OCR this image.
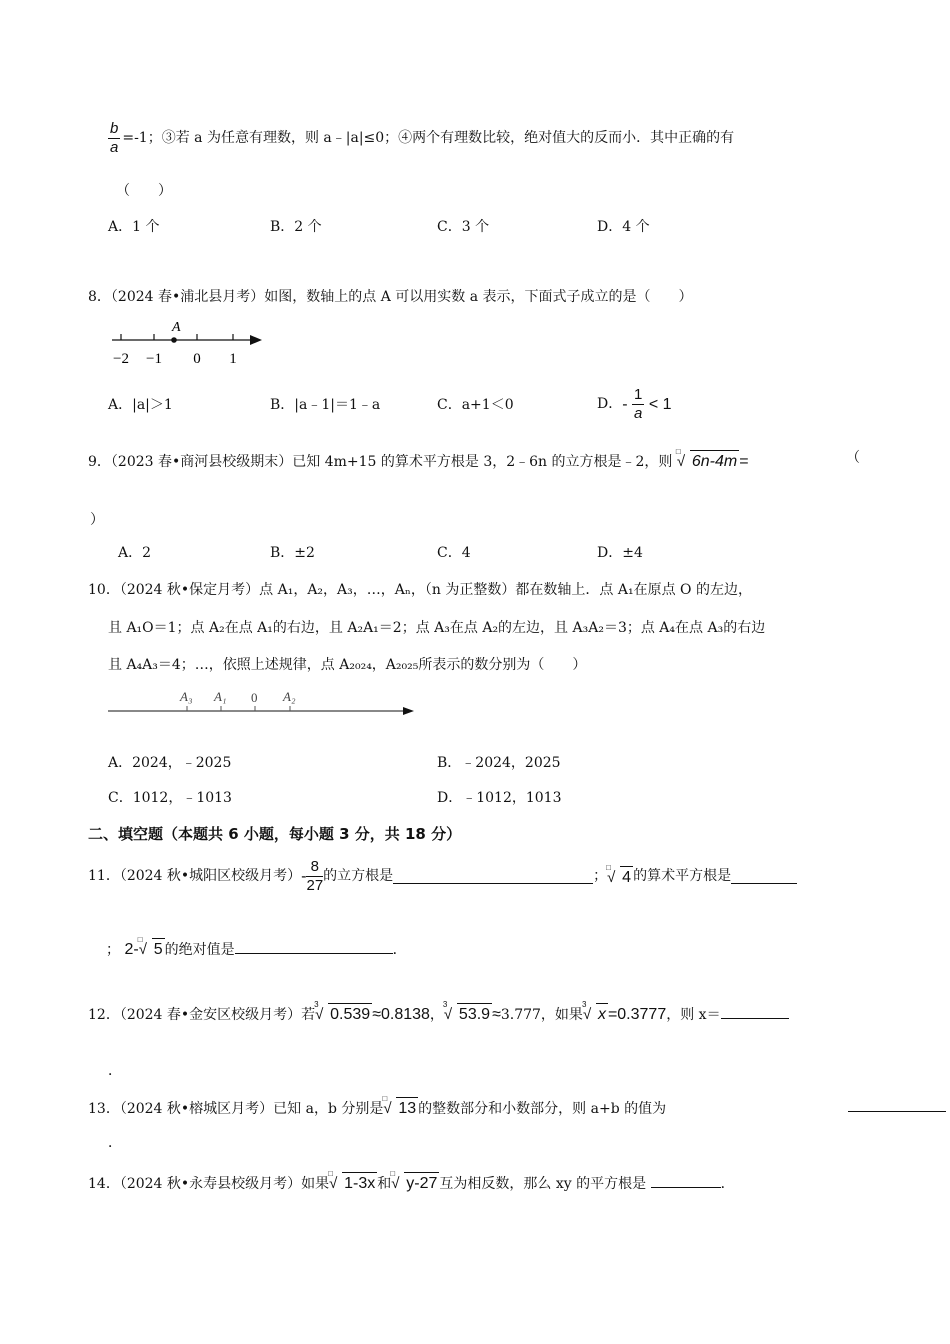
$\frac{b}{a} =-1$；③若 a 为任意有理数，则 a﹣|a|≤0；④两个有理数比较，绝对值大的反而小．其中正确的有
（　　）
A．1 个	B．2 个	C．3 个	D．4 个
8．（2024 春•浦北县月考）如图，数轴上的点 A 可以用实数 a 表示，下面式子成立的是（　　）
A
−2 −1 0 1
A．|a|＞1	B．|a﹣1|＝1﹣a	C．a+1＜0	D．- $\frac{1}{a} < 1$
9．（2023 春•商河县校级期末）已知 4m+15 的算术平方根是 3，2﹣6n 的立方根是﹣2，则
□
√ 6n-4m =	（
）
A．2	B．±2	C．4	D．±4
10．（2024 秋•保定月考）点 A₁，A₂，A₃，…，Aₙ，（n 为正整数）都在数轴上．点 A₁在原点 O 的左边，
且 A₁O＝1；点 A₂在点 A₁的右边，且 A₂A₁＝2；点 A₃在点 A₂的左边，且 A₃A₂＝3；点 A₄在点 A₃的右边
且 A₄A₃＝4；…，依照上述规律，点 A₂₀₂₄，A₂₀₂₅所表示的数分别为（　　）
A₃ A₁ 0 A₂
A．2024，﹣2025	B．﹣2024，2025
C．1012，﹣1013	D．﹣1012，1013
二、填空题（本题共 6 小题，每小题 3 分，共 18 分）
11．（2024 秋•城阳区校级月考）- $\frac{8}{27}$ 的立方根是	；
□
√ 4 的算术平方根是
； 2-
□
√ 5 的绝对值是	．
12．（2024 春•金安区校级月考）若
3
√ 0.539 ≈0.8138，
3
√ 53.9 ≈3.777，如果
3
√ x =0.3777，则 x＝
．
13．（2024 秋•榕城区月考）已知 a，b 分别是
□
√ 13 的整数部分和小数部分，则 a+b 的值为
．
14．（2024 秋•永寿县校级月考）如果
□
√ 1-3x 和
□
√ y-27 互为相反数，那么 xy 的平方根是	．
